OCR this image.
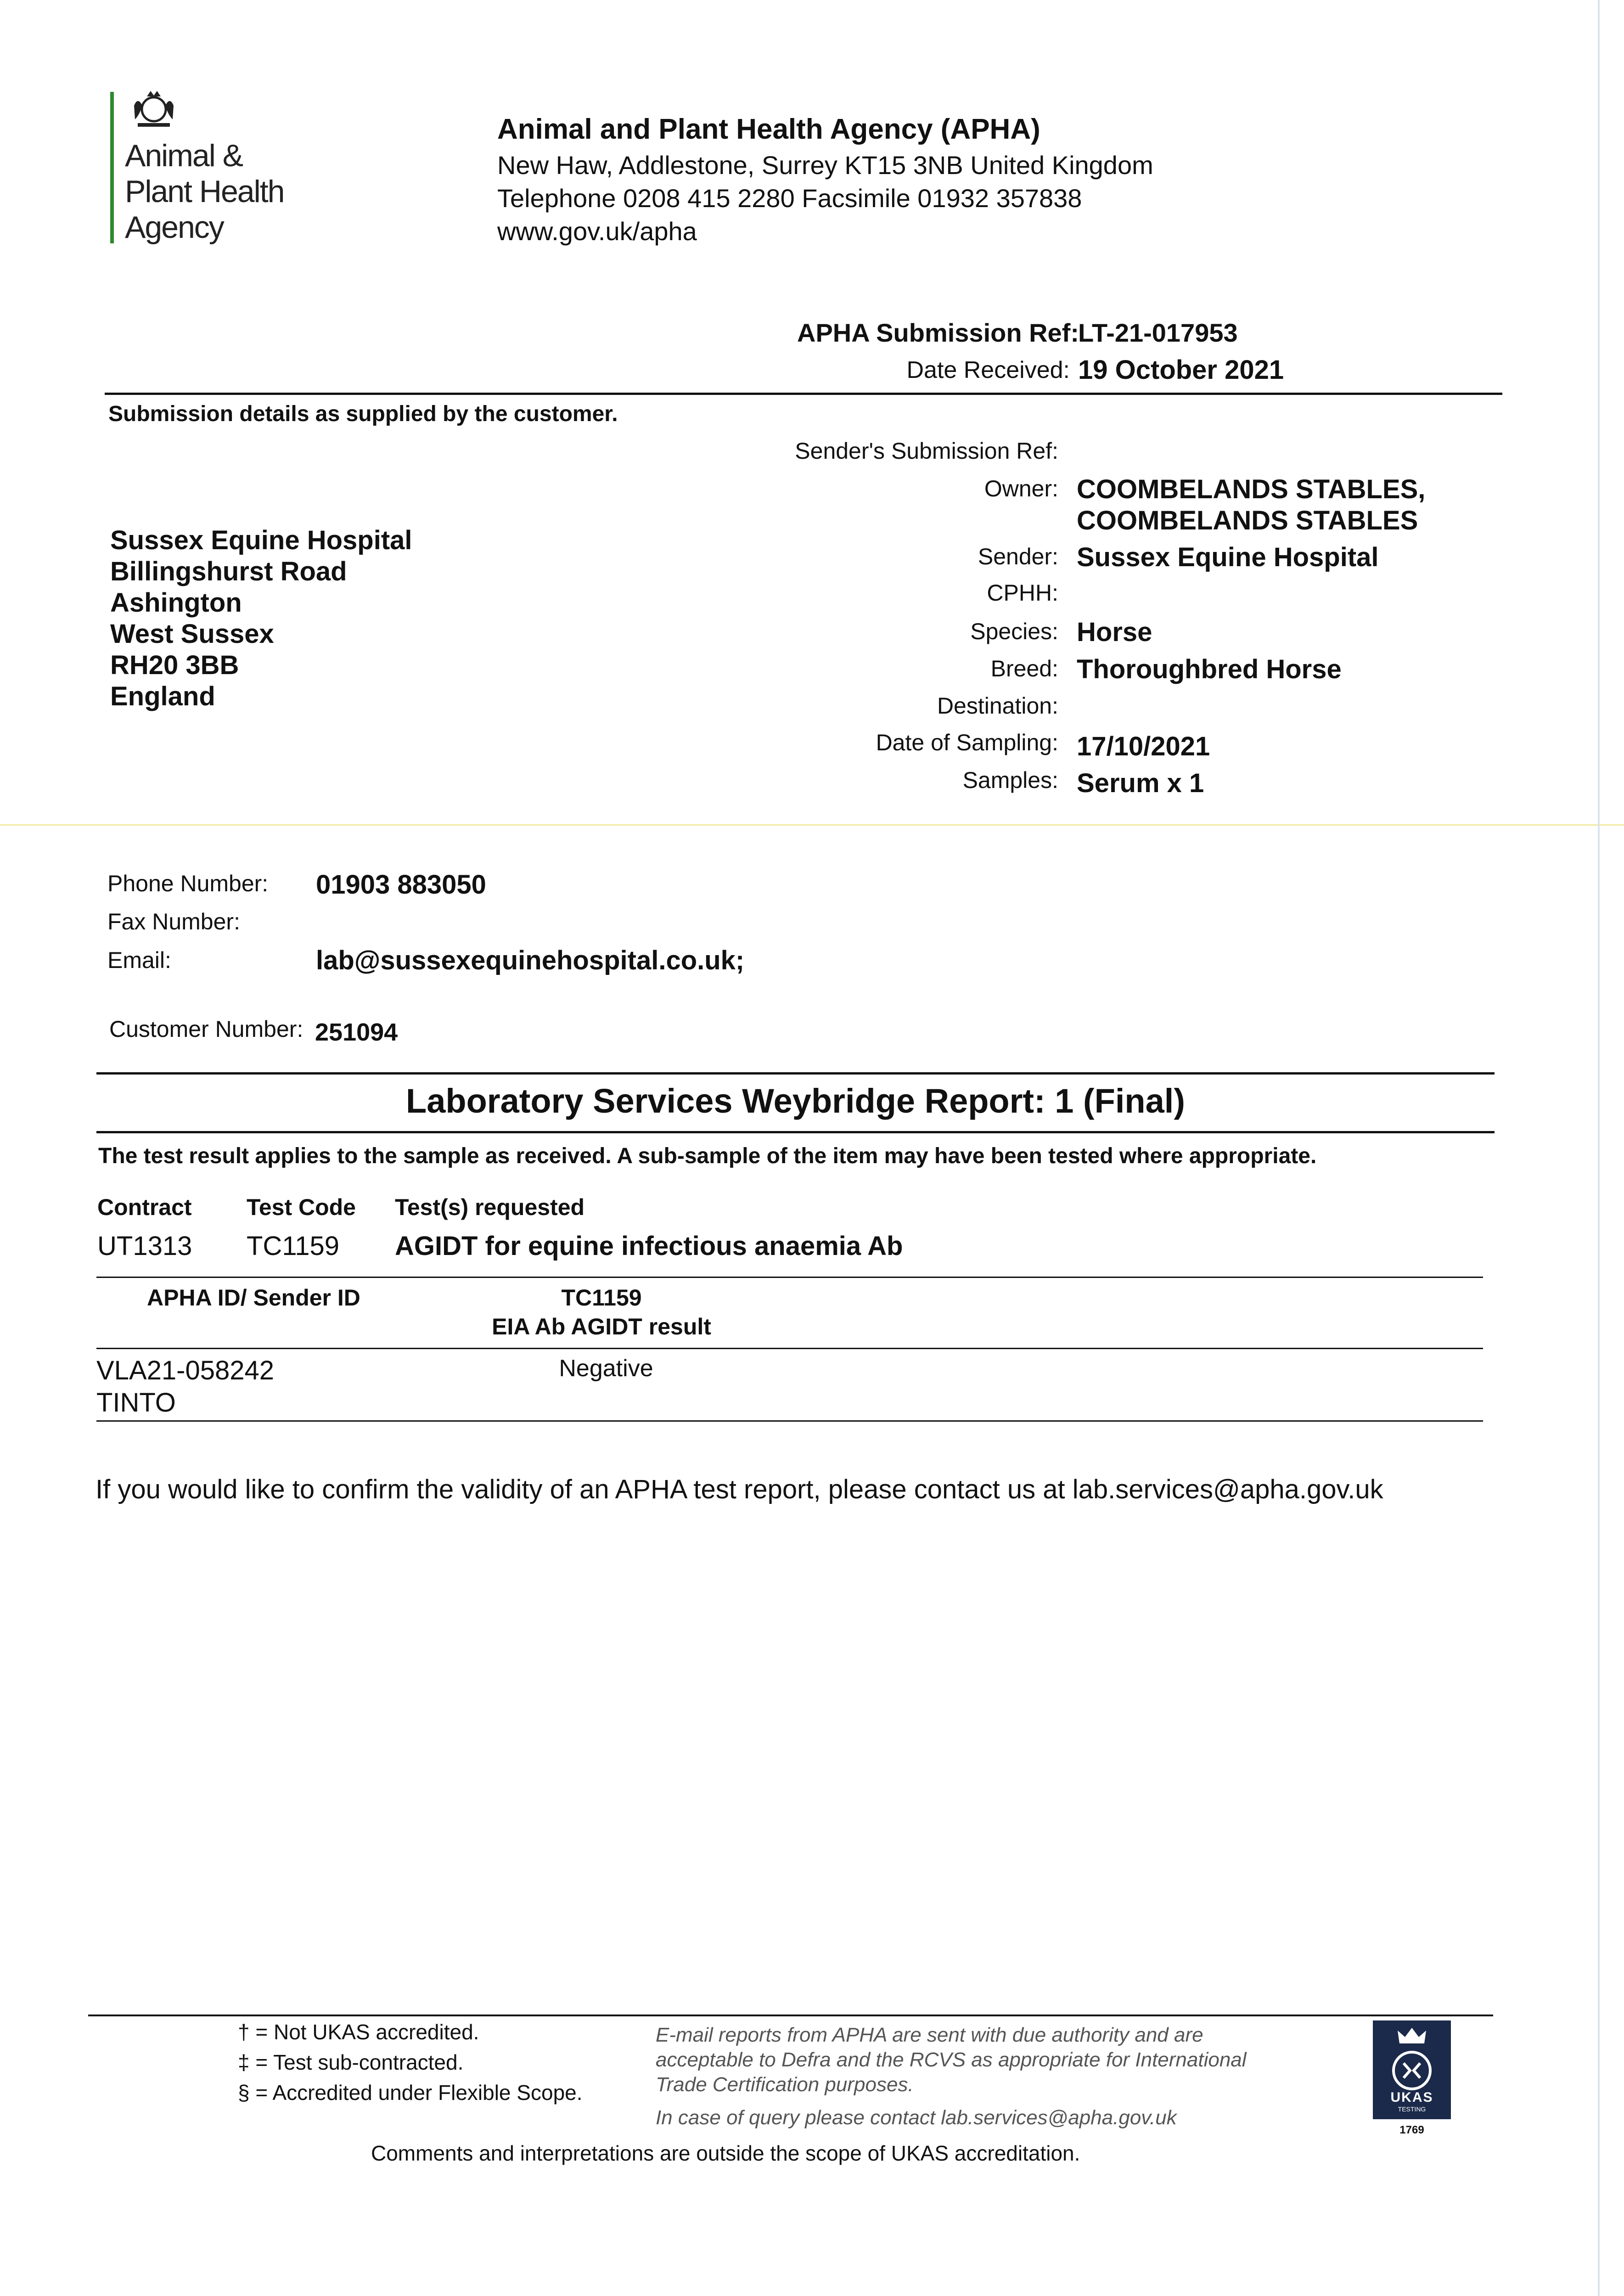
Animal &
Plant Health
Agency
Animal and Plant Health Agency (APHA)
New Haw, Addlestone, Surrey KT15 3NB United Kingdom
Telephone 0208 415 2280 Facsimile 01932 357838
www.gov.uk/apha
APHA Submission Ref:
LT-21-017953
Date Received: 19 October 2021
Submission details as supplied by the customer.
Sussex Equine Hospital
Billingshurst Road
Ashington
West Sussex
RH20 3BB
England
Sender's Submission Ref:
Owner: COOMBELANDS STABLES,
COOMBELANDS STABLES
Sender: Sussex Equine Hospital
CPHH:
Species: Horse
Breed: Thoroughbred Horse
Destination:
Date of Sampling: 17/10/2021
Samples: Serum x 1
Phone Number: 01903 883050
Fax Number:
Email:	lab@sussexequinehospital.co.uk;
Customer Number: 251094
Laboratory Services Weybridge Report: 1 (Final)
The test result applies to the sample as received. A sub-sample of the item may have been tested where appropriate.
Contract Test Code Test(s) requested
UT1313 TC1159 AGIDT for equine infectious anaemia Ab
APHA ID/ Sender ID	TC1159
EIA Ab AGIDT result
VLA21-058242
TINTO
Negative
If you would like to confirm the validity of an APHA test report, please contact us at lab.services@apha.gov.uk
† = Not UKAS accredited.
‡ = Test sub-contracted.
§ = Accredited under Flexible Scope.
E-mail reports from APHA are sent with due authority and are
acceptable to Defra and the RCVS as appropriate for International
Trade Certification purposes.
In case of query please contact lab.services@apha.gov.uk
Comments and interpretations are outside the scope of UKAS accreditation.
UKAS
TESTING
1769
